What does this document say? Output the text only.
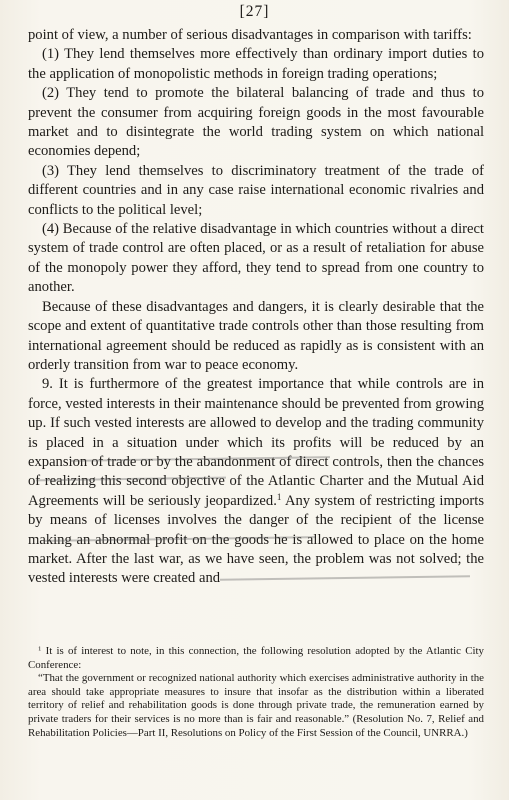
[27]

point of view, a number of serious disadvantages in comparison with tariffs:

(1) They lend themselves more effectively than ordinary import duties to the application of monopolistic methods in foreign trading operations;

(2) They tend to promote the bilateral balancing of trade and thus to prevent the consumer from acquiring foreign goods in the most favourable market and to disintegrate the world trading system on which national economies depend;

(3) They lend themselves to discriminatory treatment of the trade of different countries and in any case raise international economic rivalries and conflicts to the political level;

(4) Because of the relative disadvantage in which countries without a direct system of trade control are often placed, or as a result of retaliation for abuse of the monopoly power they afford, they tend to spread from one country to another.

Because of these disadvantages and dangers, it is clearly desirable that the scope and extent of quantitative trade controls other than those resulting from international agreement should be reduced as rapidly as is consistent with an orderly transition from war to peace economy.

9. It is furthermore of the greatest importance that while controls are in force, vested interests in their maintenance should be prevented from growing up. If such vested interests are allowed to develop and the trading community is placed in a situation under which its profits will be reduced by an expansion of trade or by the abandonment of direct controls, then the chances of realizing this second objective of the Atlantic Charter and the Mutual Aid Agreements will be seriously jeopardized.$^1$ Any system of restricting imports by means of licenses involves the danger of the recipient of the license making an abnormal profit on the goods he is allowed to place on the home market. After the last war, as we have seen, the problem was not solved; the vested interests were created and

$^1$ It is of interest to note, in this connection, the following resolution adopted by the Atlantic City Conference:

“That the government or recognized national authority which exercises administrative authority in the area should take appropriate measures to insure that insofar as the distribution within a liberated territory of relief and rehabilitation goods is done through private trade, the remuneration earned by private traders for their services is no more than is fair and reasonable.” (Resolution No. 7, Relief and Rehabilitation Policies—Part II, Resolutions on Policy of the First Session of the Council, UNRRA.)
